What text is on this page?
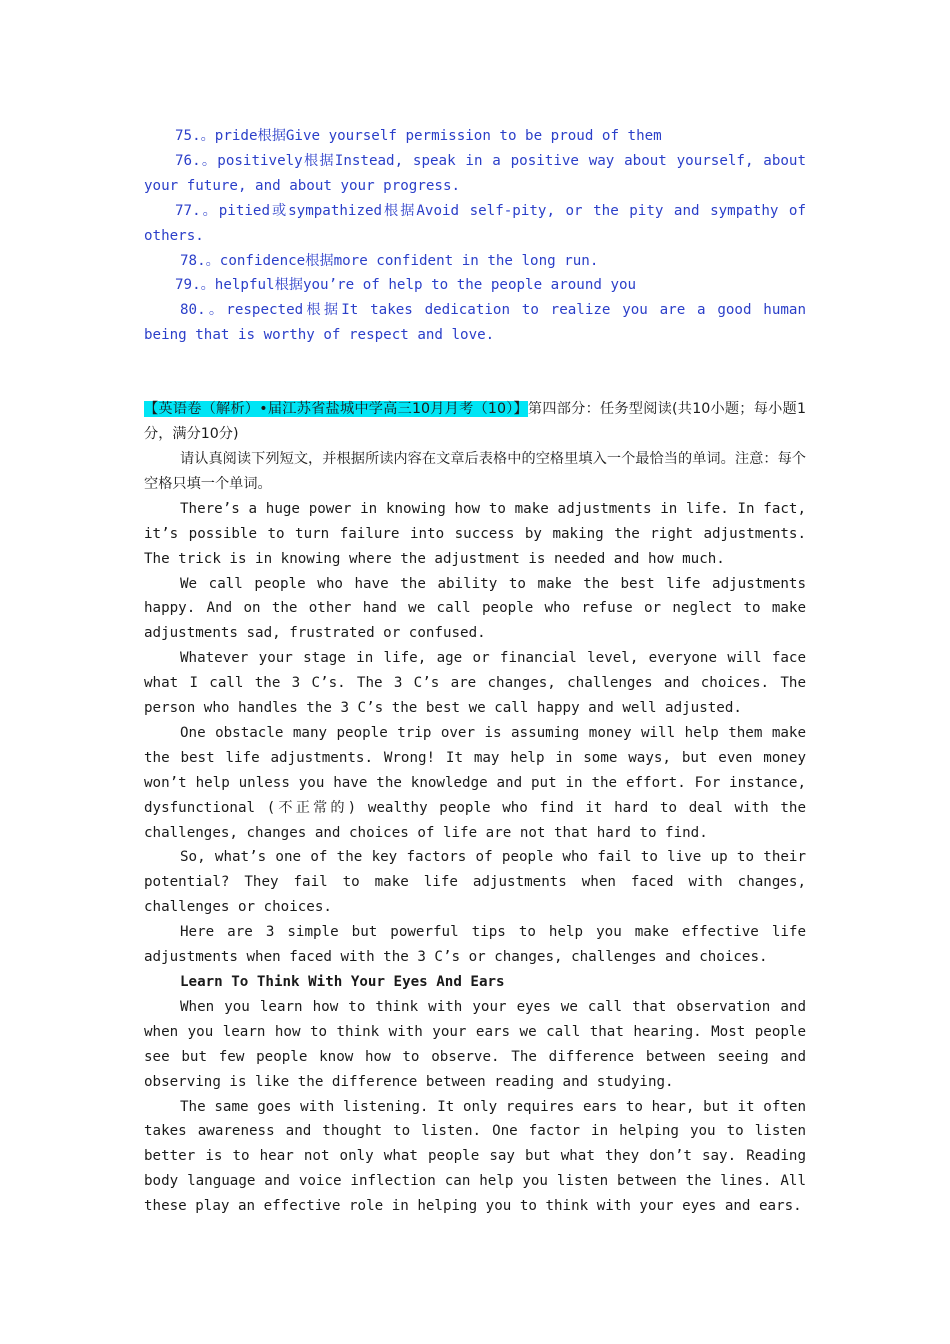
75.。pride根据Give yourself permission to be proud of them

76.。positively根据Instead, speak in a positive way about yourself, about your future, and about your progress.

77.。pitied或sympathized根据Avoid self-pity, or the pity and sympathy of others.

78.。confidence根据more confident in the long run.

79.。helpful根据you’re of help to the people around you

80.。respected根据It takes dedication to realize you are a good human being that is worthy of respect and love.

【英语卷（解析）•届江苏省盐城中学高三10月月考（10）】第四部分：任务型阅读(共10小题；每小题1分，满分10分)

请认真阅读下列短文，并根据所读内容在文章后表格中的空格里填入一个最恰当的单词。注意：每个空格只填一个单词。

There’s a huge power in knowing how to make adjustments in life. In fact, it’s possible to turn failure into success by making the right adjustments. The trick is in knowing where the adjustment is needed and how much.

We call people who have the ability to make the best life adjustments happy. And on the other hand we call people who refuse or neglect to make adjustments sad, frustrated or confused.

Whatever your stage in life, age or financial level, everyone will face what I call the 3 C’s. The 3 C’s are changes, challenges and choices. The person who handles the 3 C’s the best we call happy and well adjusted.

One obstacle many people trip over is assuming money will help them make the best life adjustments. Wrong! It may help in some ways, but even money won’t help unless you have the knowledge and put in the effort. For instance, dysfunctional (不正常的) wealthy people who find it hard to deal with the challenges, changes and choices of life are not that hard to find.

So, what’s one of the key factors of people who fail to live up to their potential? They fail to make life adjustments when faced with changes, challenges or choices.

Here are 3 simple but powerful tips to help you make effective life adjustments when faced with the 3 C’s or changes, challenges and choices.

Learn To Think With Your Eyes And Ears

When you learn how to think with your eyes we call that observation and when you learn how to think with your ears we call that hearing. Most people see but few people know how to observe. The difference between seeing and observing is like the difference between reading and studying.

The same goes with listening. It only requires ears to hear, but it often takes awareness and thought to listen. One factor in helping you to listen better is to hear not only what people say but what they don’t say. Reading body language and voice inflection can help you listen between the lines. All these play an effective role in helping you to think with your eyes and ears.
